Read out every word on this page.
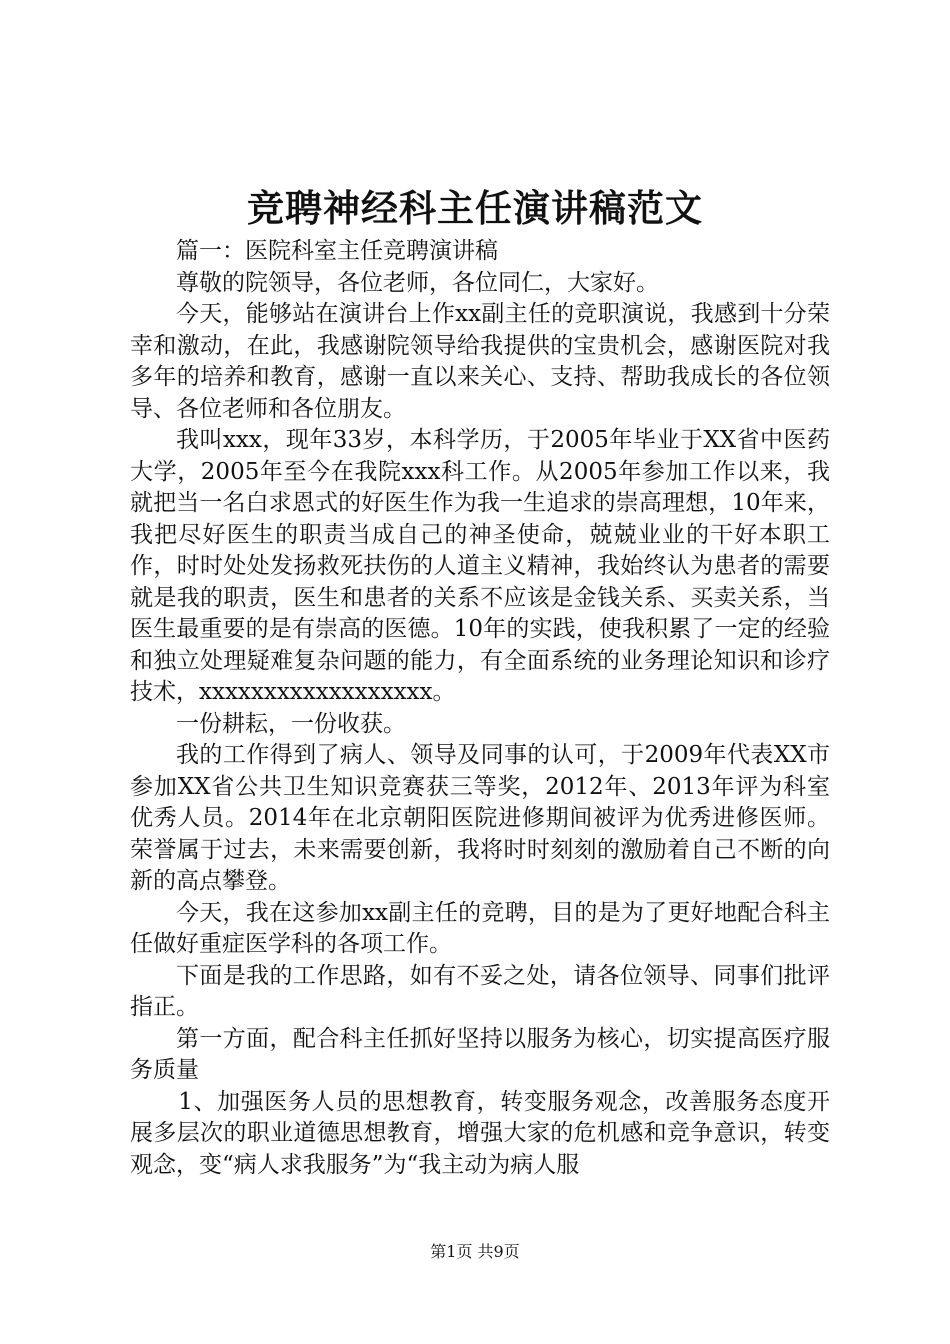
竞聘神经科主任演讲稿范文

篇一：医院科室主任竞聘演讲稿

尊敬的院领导，各位老师，各位同仁，大家好。

今天，能够站在演讲台上作xx副主任的竞职演说，我感到十分荣幸和激动，在此，我感谢院领导给我提供的宝贵机会，感谢医院对我多年的培养和教育，感谢一直以来关心、支持、帮助我成长的各位领导、各位老师和各位朋友。

我叫xxx，现年33岁，本科学历，于2005年毕业于XX省中医药大学，2005年至今在我院xxx科工作。从2005年参加工作以来，我就把当一名白求恩式的好医生作为我一生追求的崇高理想，10年来，我把尽好医生的职责当成自己的神圣使命，兢兢业业的干好本职工作，时时处处发扬救死扶伤的人道主义精神，我始终认为患者的需要就是我的职责，医生和患者的关系不应该是金钱关系、买卖关系，当医生最重要的是有崇高的医德。10年的实践，使我积累了一定的经验和独立处理疑难复杂问题的能力，有全面系统的业务理论知识和诊疗技术，xxxxxxxxxxxxxxxxxx。

一份耕耘，一份收获。

我的工作得到了病人、领导及同事的认可，于2009年代表XX市参加XX省公共卫生知识竞赛获三等奖，2012年、2013年评为科室优秀人员。2014年在北京朝阳医院进修期间被评为优秀进修医师。荣誉属于过去，未来需要创新，我将时时刻刻的激励着自己不断的向新的高点攀登。

今天，我在这参加xx副主任的竞聘，目的是为了更好地配合科主任做好重症医学科的各项工作。

下面是我的工作思路，如有不妥之处，请各位领导、同事们批评指正。

第一方面，配合科主任抓好坚持以服务为核心，切实提高医疗服务质量

1、加强医务人员的思想教育，转变服务观念，改善服务态度开展多层次的职业道德思想教育，增强大家的危机感和竞争意识，转变观念，变“病人求我服务”为“我主动为病人服

第1页 共9页
